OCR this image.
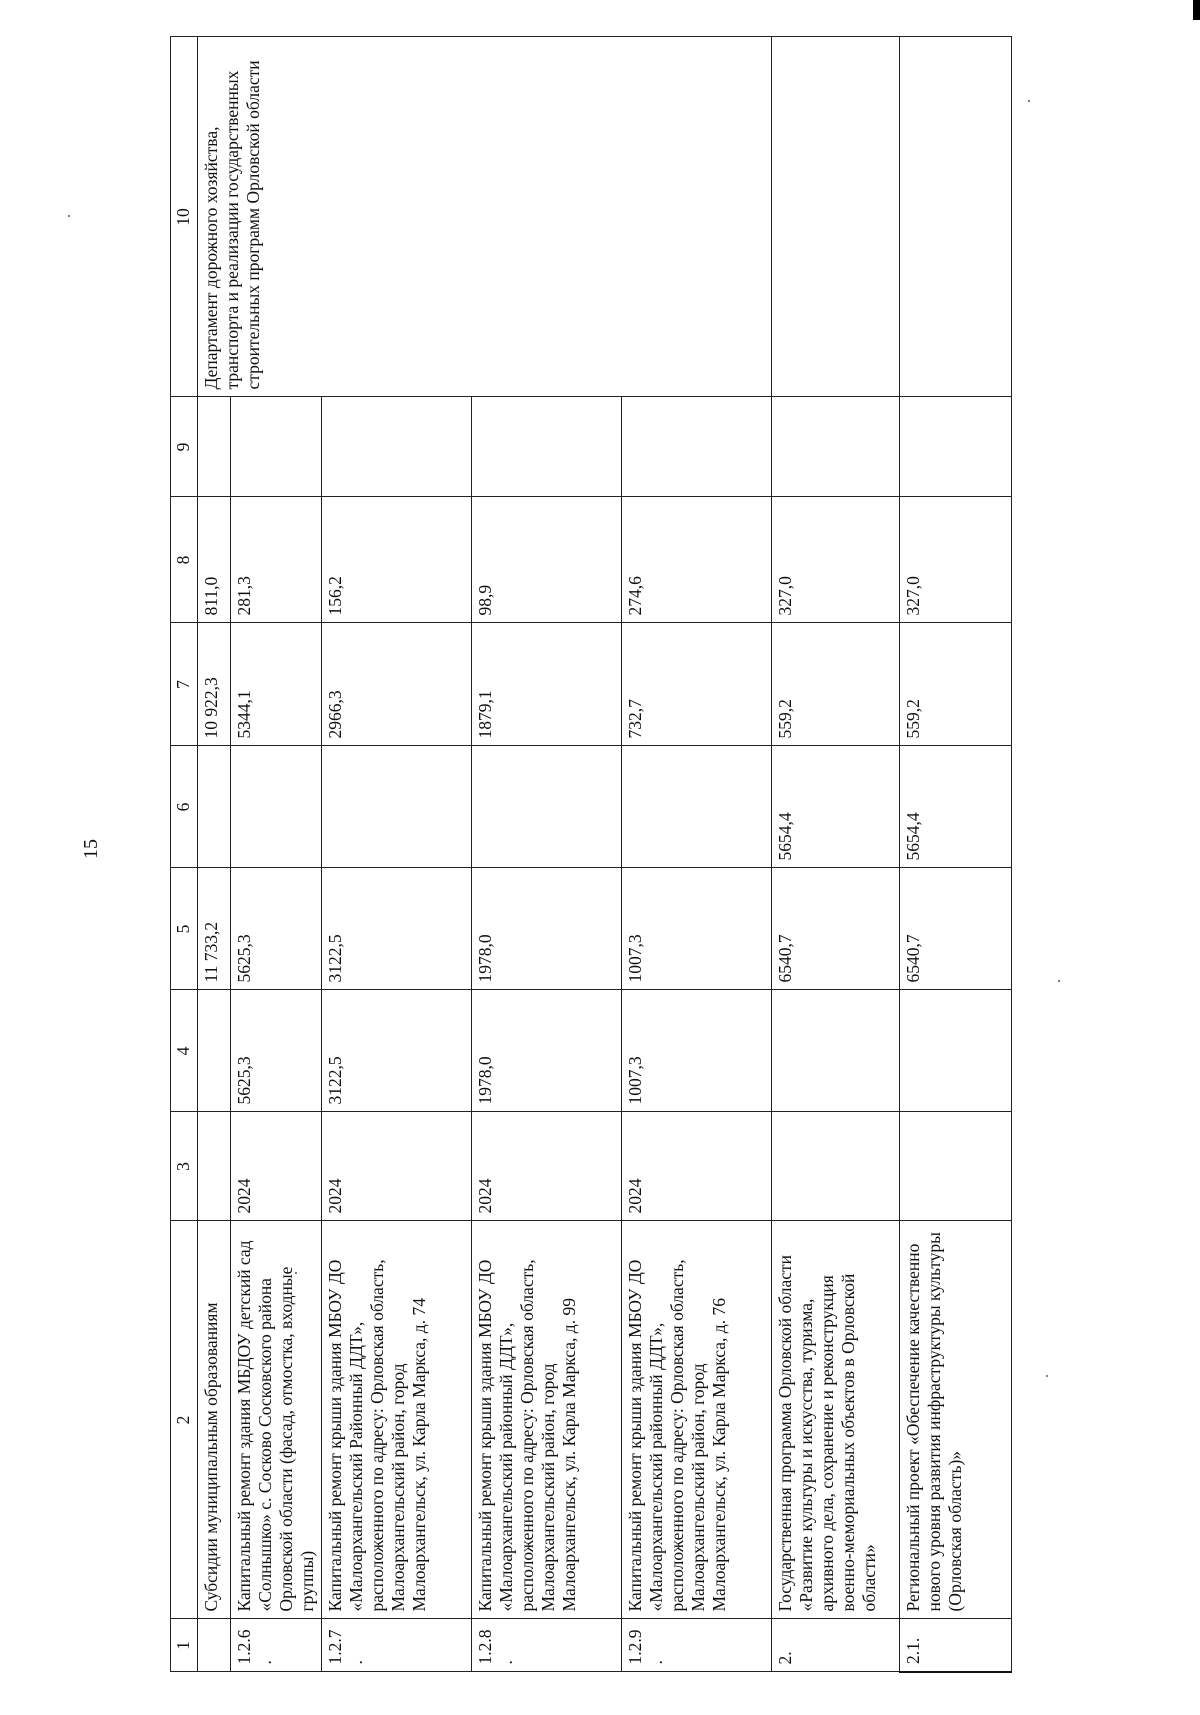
15
1	2	3	4	5	6	7	8	9	10
	Субсидии муниципальным образованиям			11 733,2		10 922,3	811,0		Департамент дорожного хозяйства, транспорта и реализации государственных строительных программ Орловской области
1.2.6.	Капитальный ремонт здания МБДОУ детский сад «Солнышко» с. Сосково Сосковского района Орловской области (фасад, отмостка, входные группы)	2024	5625,3	5625,3		5344,1	281,3		
1.2.7.	Капитальный ремонт крыши здания МБОУ ДО «Малоархангельский Районный ДДТ», расположенного по адресу: Орловская область, Малоархангельский район, город Малоархангельск, ул. Карла Маркса, д. 74	2024	3122,5	3122,5		2966,3	156,2		
1.2.8.	Капитальный ремонт крыши здания МБОУ ДО «Малоархангельский районный ДДТ», расположенного по адресу: Орловская область, Малоархангельский район, город Малоархангельск, ул. Карла Маркса, д. 99	2024	1978,0	1978,0		1879,1	98,9		
1.2.9.	Капитальный ремонт крыши здания МБОУ ДО «Малоархангельский районный ДДТ», расположенного по адресу: Орловская область, Малоархангельский район, город Малоархангельск, ул. Карла Маркса, д. 76	2024	1007,3	1007,3		732,7	274,6		
2.	Государственная программа Орловской области «Развитие культуры и искусства, туризма, архивного дела, сохранение и реконструкция военно-мемориальных объектов в Орловской области»			6540,7	5654,4	559,2	327,0		
2.1.	Региональный проект «Обеспечение качественно нового уровня развития инфраструктуры культуры (Орловская область)»			6540,7	5654,4	559,2	327,0		
